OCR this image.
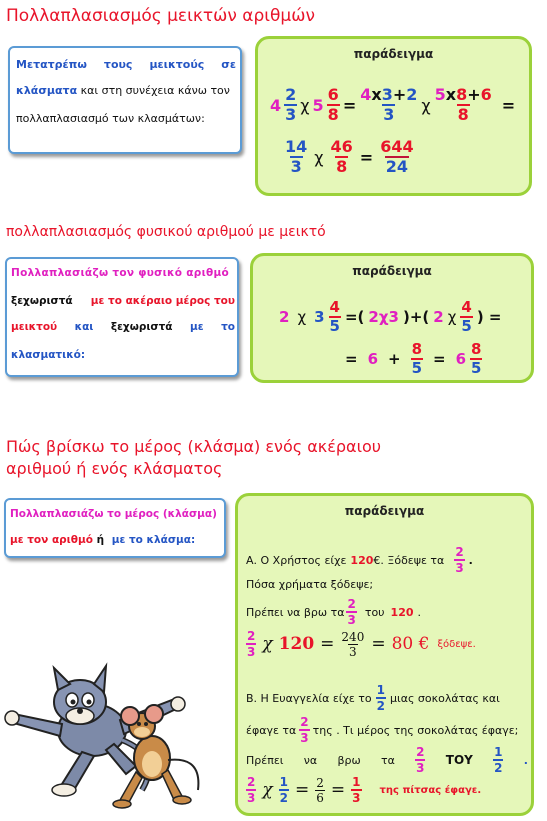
Πολλαπλασιασμός μεικτών αριθμών
Μετατρέπω τους μεικτούς σε
κλάσματα και στη συνέχεια κάνω τον
πολλαπλασιασμό των κλασμάτων:
παράδειγμα
$4 \frac{2}{3}$ χ $5 \frac{6}{8} = \frac{4x3+2}{3}$ χ $\frac{5x8+6}{8}$ =
$\frac{14}{3}$ χ $\frac{46}{8} = \frac{644}{24}$
πολλαπλασιασμός φυσικού αριθμού με μεικτό
Πολλαπλασιάζω τον φυσικό αριθμό
ξεχωριστά με το ακέραιο μέρος του
μεικτού και ξεχωριστά με το
κλασματικό:
παράδειγμα
2 χ $3 \frac{4}{5}$ =( 2χ3 )+( 2 χ $\frac{4}{5}$ ) =
= $6 + \frac{8}{5} = 6 \frac{8}{5}$
Πώς βρίσκω το μέρος (κλάσμα) ενός ακέραιου
αριθμού ή ενός κλάσματος
Πολλαπλασιάζω το μέρος (κλάσμα)
με τον αριθμό ή με το κλάσμα:
παράδειγμα
Α. Ο Χρήστος είχε 120 €. Ξόδεψε τα $\frac{2}{3}$ .
Πόσα χρήματα ξόδεψε;
Πρέπει να βρω τα $\frac{2}{3}$ του 120 .
$\frac{2}{3}$ χ $120 = \frac{240}{3} = 80$ € ξόδεψε.
Β. Η Ευαγγελία είχε το $\frac{1}{2}$ μιας σοκολάτας και
έφαγε τα $\frac{2}{3}$ της . Τι μέρος της σοκολάτας έφαγε;
Πρέπει να βρω τα $\frac{2}{3}$ ΤΟΥ $\frac{1}{2}$ .
$\frac{2}{3}$ χ $\frac{1}{2} = \frac{2}{6} = \frac{1}{3}$ της πίτσας έφαγε.
